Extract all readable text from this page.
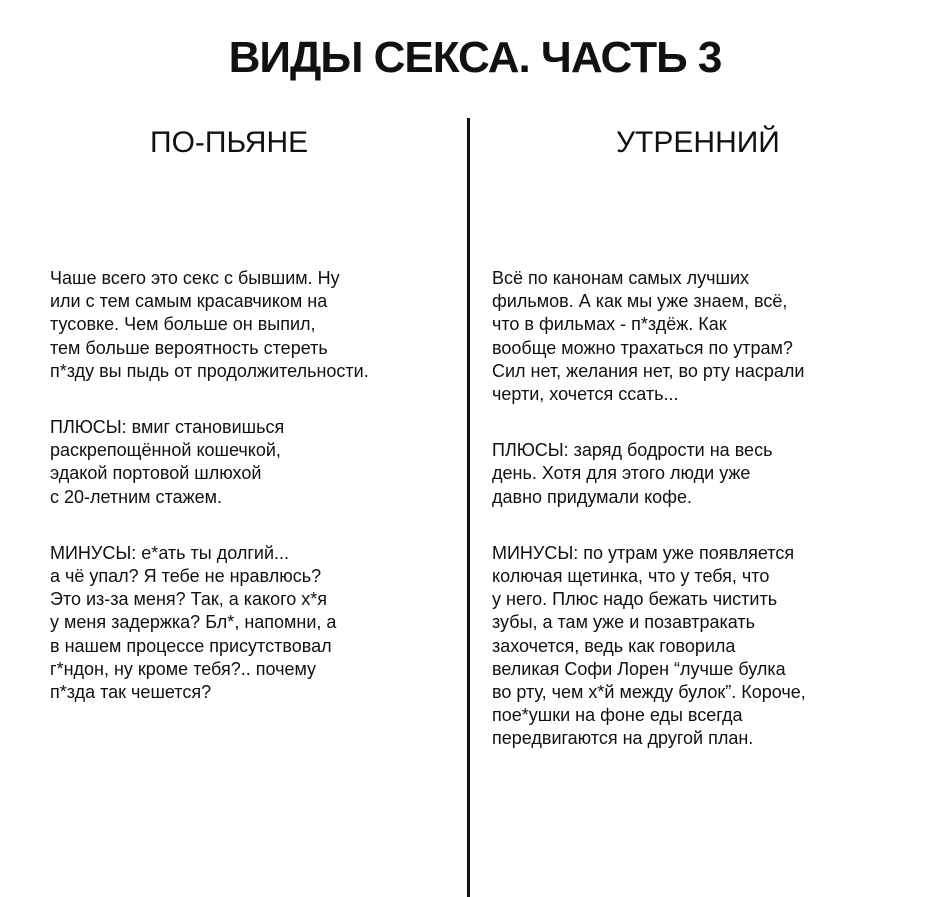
ВИДЫ СЕКСА. ЧАСТЬ 3
ПО-ПЬЯНЕ

Чаше всего это секс с бывшим. Ну
или с тем самым красавчиком на
тусовке. Чем больше он выпил,
тем больше вероятность стереть
п*зду вы пыдь от продолжительности.

ПЛЮСЫ: вмиг становишься
раскрепощённой кошечкой,
эдакой портовой шлюхой
с 20-летним стажем.

МИНУСЫ: е*ать ты долгий...
а чё упал? Я тебе не нравлюсь?
Это из-за меня? Так, а какого х*я
у меня задержка? Бл*, напомни, а
в нашем процессе присутствовал
г*ндон, ну кроме тебя?.. почему
п*зда так чешется?

УТРЕННИЙ

Всё по канонам самых лучших
фильмов. А как мы уже знаем, всё,
что в фильмах - п*здёж. Как
вообще можно трахаться по утрам?
Сил нет, желания нет, во рту насрали
черти, хочется ссать...

ПЛЮСЫ: заряд бодрости на весь
день. Хотя для этого люди уже
давно придумали кофе.

МИНУСЫ: по утрам уже появляется
колючая щетинка, что у тебя, что
у него. Плюс надо бежать чистить
зубы, а там уже и позавтракать
захочется, ведь как говорила
великая Софи Лорен “лучше булка
во рту, чем х*й между булок”. Короче,
пое*ушки на фоне еды всегда
передвигаются на другой план.
